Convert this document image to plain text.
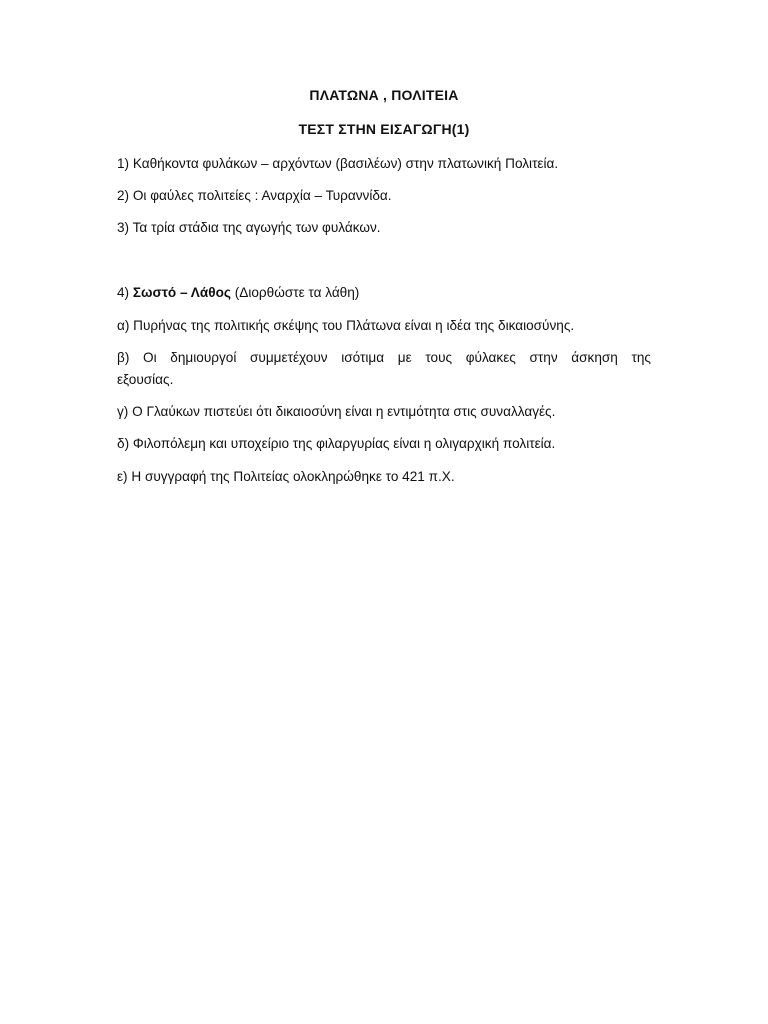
ΠΛΑΤΩΝΑ , ΠΟΛΙΤΕΙΑ
ΤΕΣΤ ΣΤΗΝ ΕΙΣΑΓΩΓΗ(1)
1) Καθήκοντα φυλάκων – αρχόντων (βασιλέων) στην πλατωνική Πολιτεία.
2) Οι φαύλες πολιτείες : Αναρχία – Τυραννίδα.
3) Τα τρία στάδια της αγωγής των φυλάκων.
4) Σωστό – Λάθος (Διορθώστε τα λάθη)
α) Πυρήνας της πολιτικής σκέψης του Πλάτωνα είναι η ιδέα της δικαιοσύνης.
β) Οι δημιουργοί συμμετέχουν ισότιμα με τους φύλακες στην άσκηση της
εξουσίας.
γ) Ο Γλαύκων πιστεύει ότι δικαιοσύνη είναι η εντιμότητα στις συναλλαγές.
δ) Φιλοπόλεμη και υποχείριο της φιλαργυρίας είναι η ολιγαρχική πολιτεία.
ε) Η συγγραφή της Πολιτείας ολοκληρώθηκε το 421 π.Χ.
